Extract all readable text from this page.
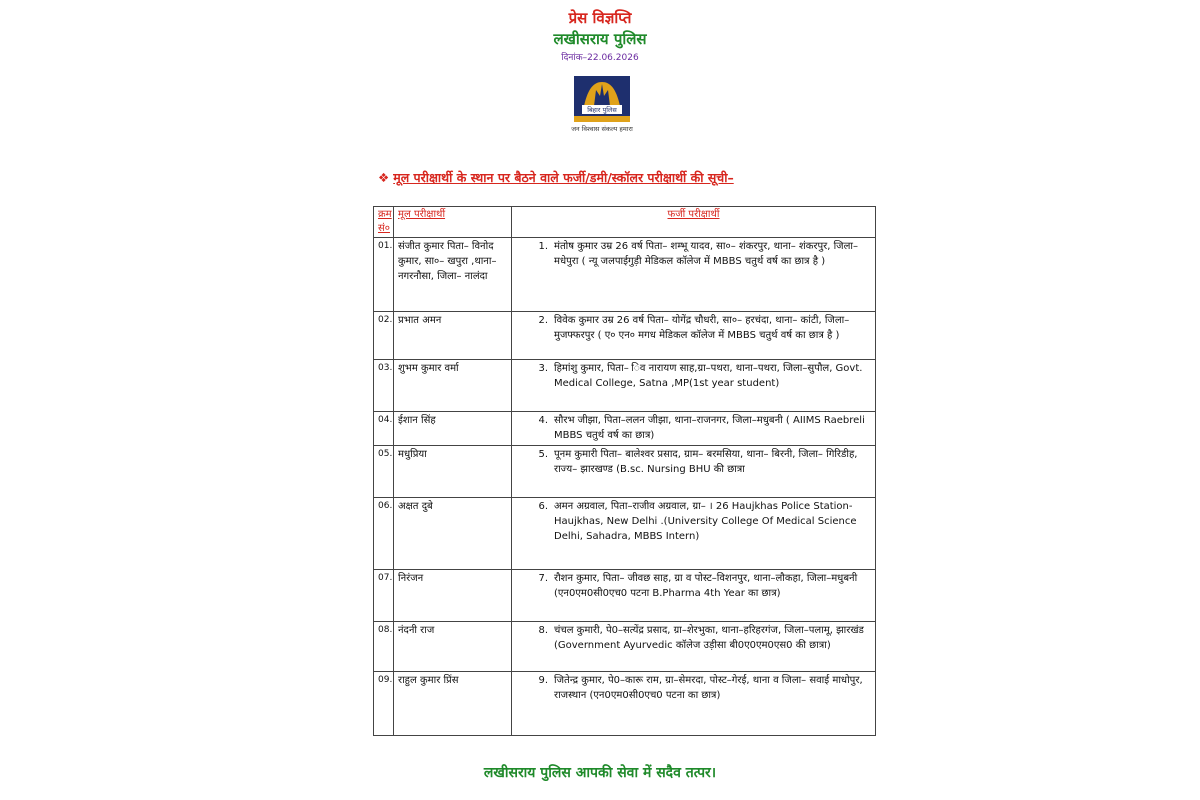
प्रेस विज्ञप्ति
लखीसराय पुलिस
दिनांक–22.06.2026
बिहार पुलिस
जन विश्वास संकल्प हमारा
❖ मूल परीक्षार्थी के स्थान पर बैठने वाले फर्जी/डमी/स्कॉलर परीक्षार्थी की सूची–
क्रम सं०	मूल परीक्षार्थी	फर्जी परीक्षार्थी
01.	संजीत कुमार पिता– विनोद कुमार, सा०– खपुरा ,थाना– नगरनौसा, जिला– नालंदा	1. मंतोष कुमार उम्र 26 वर्ष पिता– शम्भू यादव, सा०– शंकरपुर, थाना– शंकरपुर, जिला– मधेपुरा ( न्यू जलपाईगुड़ी मेडिकल कॉलेज में MBBS चतुर्थ वर्ष का छात्र है )

02.	प्रभात अमन	2. विवेक कुमार उम्र 26 वर्ष पिता– योगेंद्र चौधरी, सा०– हरचंदा, थाना– कांटी, जिला– मुजफ्फरपुर ( ए० एन० मगध मेडिकल कॉलेज में MBBS चतुर्थ वर्ष का छात्र है )

03.	शुभम कुमार वर्मा	3. हिमांशु कुमार, पिता– िव नारायण साह,ग्रा–पथरा, थाना–पथरा, जिला–सुपौल, Govt. Medical College, Satna ,MP(1st year student)

04.	ईशान सिंह	4. सौरभ जीझा, पिता–ललन जीझा, थाना–राजनगर, जिला–मधुबनी ( AIIMS Raebreli MBBS चतुर्थ वर्ष का छात्र)

05.	मधुप्रिया	5. पूनम कुमारी पिता– बालेश्वर प्रसाद, ग्राम– बरमसिया, थाना– बिरनी, जिला– गिरिडीह, राज्य– झारखण्ड (B.sc. Nursing BHU की छात्रा

06.	अक्षत दुबे	6. अमन अग्रवाल, पिता–राजीव अग्रवाल, ग्रा– । 26 Haujkhas Police Station- Haujkhas, New Delhi .(University College Of Medical Science Delhi, Sahadra, MBBS Intern)

07.	निरंजन	7. रौशन कुमार, पिता– जीवछ साह, ग्रा व पोस्ट–विशनपुर, थाना–लौकहा, जिला–मधुबनी (एन0एम0सी0एच0 पटना B.Pharma 4th Year का छात्र)

08.	नंदनी राज	8. चंचल कुमारी, पे0–सत्येंद्र प्रसाद, ग्रा–शेरभुका, थाना–हरिहरगंज, जिला–पलामू, झारखंड (Government Ayurvedic कॉलेज उड़ीसा बी0ए0एम0एस0 की छात्रा)

09.	राहुल कुमार प्रिंस	9. जितेन्द्र कुमार, पे0–कारू राम, ग्रा–सेमरदा, पोस्ट–गेरई, थाना व जिला– सवाई माधोपुर, राजस्थान (एन0एम0सी0एच0 पटना का छात्र)
लखीसराय पुलिस आपकी सेवा में सदैव तत्पर।
